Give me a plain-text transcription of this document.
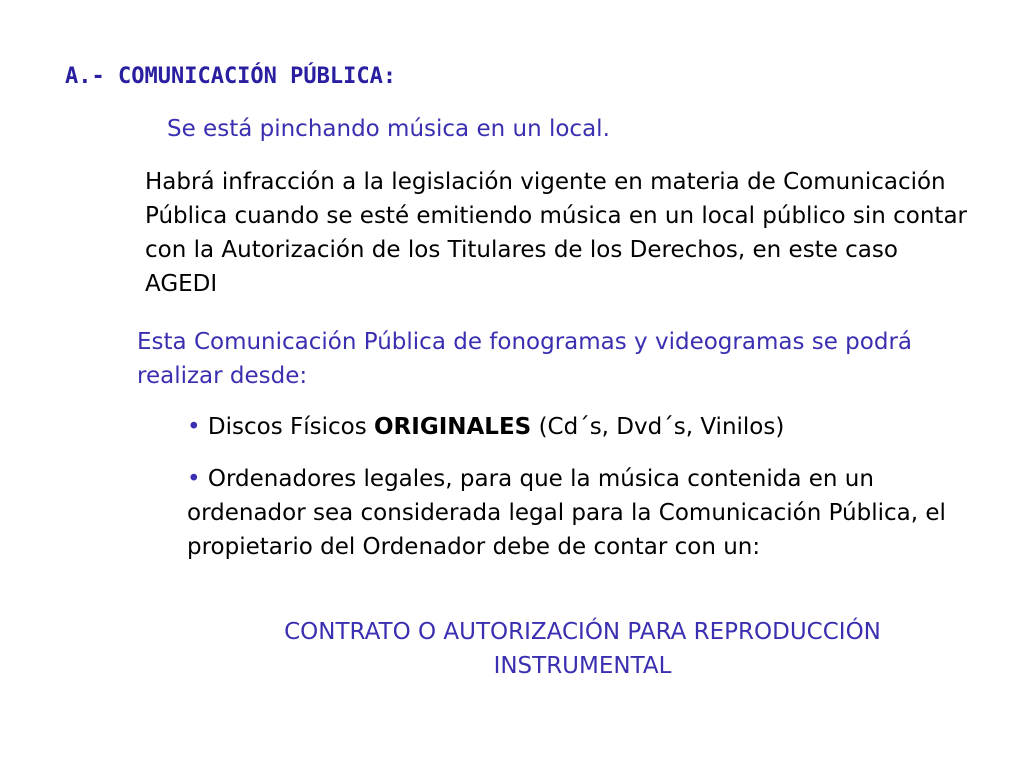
A.- COMUNICACIÓN PÚBLICA:
Se está pinchando música en un local.
Habrá infracción a la legislación vigente en materia de Comunicación Pública cuando se esté emitiendo música en un local público sin contar con la Autorización de los Titulares de los Derechos, en este caso AGEDI
Esta Comunicación Pública de fonogramas y videogramas se podrá realizar desde:
• Discos Físicos ORIGINALES (Cd´s, Dvd´s, Vinilos)
• Ordenadores legales, para que la música contenida en un ordenador sea considerada legal para la Comunicación Pública, el propietario del Ordenador debe de contar con un:
CONTRATO O AUTORIZACIÓN PARA REPRODUCCIÓN
INSTRUMENTAL
